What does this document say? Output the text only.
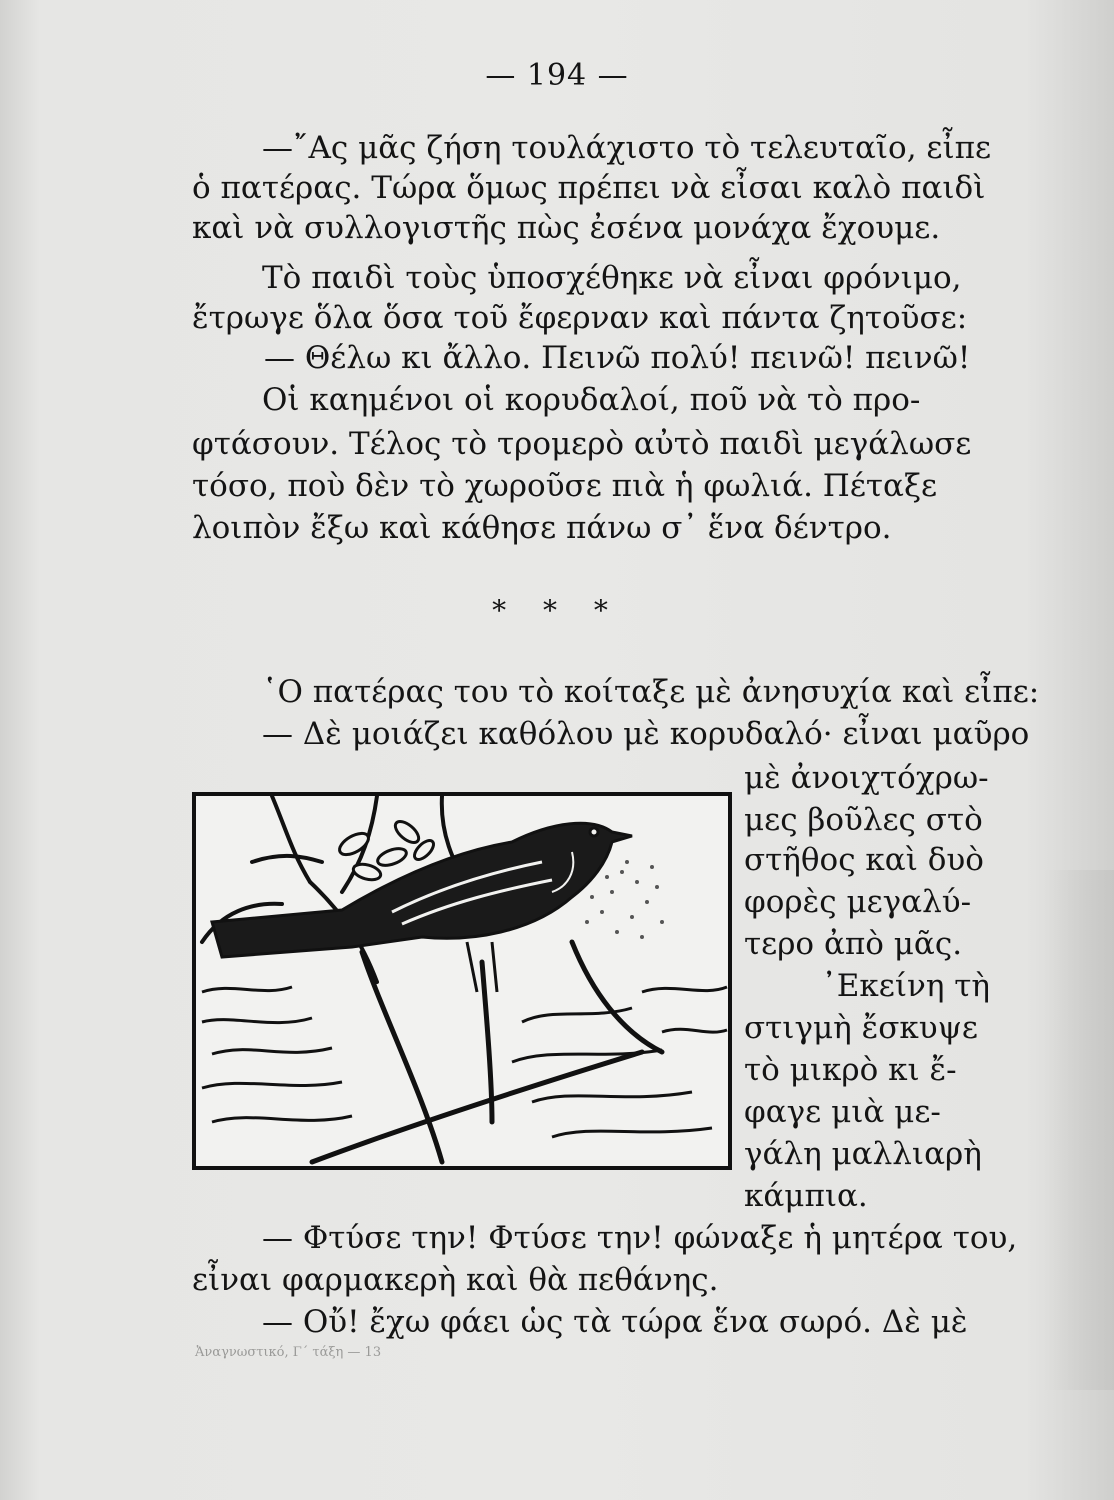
— 194 —
—῎Ας μᾶς ζήση τουλάχιστο τὸ τελευταῖο, εἶπε
ὁ πατέρας. Τώρα ὅμως πρέπει νὰ εἶσαι καλὸ παιδὶ
καὶ νὰ συλλογιστῆς πὼς ἐσένα μονάχα ἔχουμε.
Τὸ παιδὶ τοὺς ὑποσχέθηκε νὰ εἶναι φρόνιμο,
ἔτρωγε ὅλα ὅσα τοῦ ἔφερναν καὶ πάντα ζητοῦσε:
— Θέλω κι ἄλλο. Πεινῶ πολύ! πεινῶ! πεινῶ!
Οἱ καημένοι οἱ κορυδαλοί, ποῦ νὰ τὸ προ-
φτάσουν. Τέλος τὸ τρομερὸ αὐτὸ παιδὶ μεγάλωσε
τόσο, ποὺ δὲν τὸ χωροῦσε πιὰ ἡ φωλιά. Πέταξε
λοιπὸν ἔξω καὶ κάθησε πάνω σ᾽ ἕνα δέντρο.
* * *
῾Ο πατέρας του τὸ κοίταξε μὲ ἀνησυχία καὶ εἶπε:
— Δὲ μοιάζει καθόλου μὲ κορυδαλό· εἶναι μαῦρο
μὲ ἀνοιχτόχρω-
μες βοῦλες στὸ
στῆθος καὶ δυὸ
φορὲς μεγαλύ-
τερο ἀπὸ μᾶς.
᾿Εκείνη τὴ
στιγμὴ ἔσκυψε
τὸ μικρὸ κι ἔ-
φαγε μιὰ με-
γάλη μαλλιαρὴ
κάμπια.
— Φτύσε την! Φτύσε την! φώναξε ἡ μητέρα του,
εἶναι φαρμακερὴ καὶ θὰ πεθάνης.
— Οὔ! ἔχω φάει ὡς τὰ τώρα ἕνα σωρό. Δὲ μὲ
Ἀναγνωστικό, Γ´ τάξη — 13
